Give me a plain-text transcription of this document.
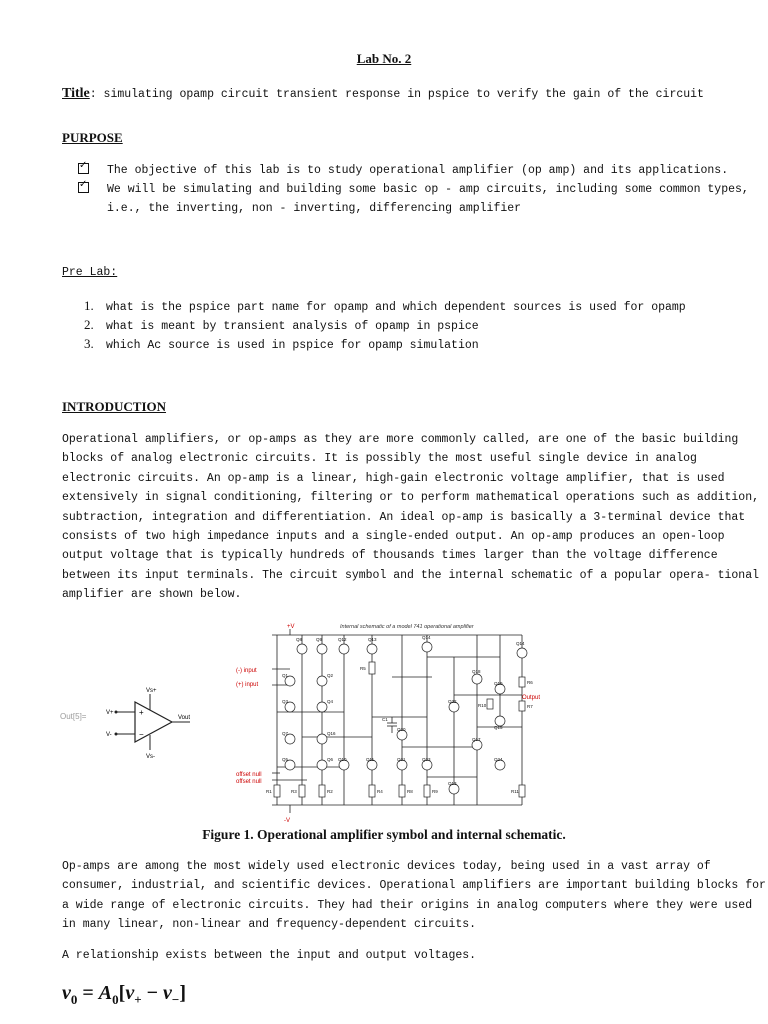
Lab No. 2
Title: simulating opamp circuit transient response in pspice to verify the gain of the circuit
PURPOSE
✓The objective of this lab is to study operational amplifier (op amp) and its applications.
✓We will be simulating and building some basic op - amp circuits, including some common types,
i.e., the inverting, non - inverting, differencing amplifier
Pre Lab:
1. what is the pspice part name for opamp and which dependent sources is used for opamp
2. what is meant by transient analysis of opamp in pspice
3. which Ac source is used in pspice for opamp simulation
INTRODUCTION
Operational amplifiers, or op-amps as they are more commonly called, are one of the basic building
blocks of analog electronic circuits. It is possibly the most useful single device in analog
electronic circuits. An op-amp is a linear, high-gain electronic voltage amplifier, that is used
extensively in signal conditioning, filtering or to perform mathematical operations such as addition,
subtraction, integration and differentiation. An ideal op-amp is basically a 3-terminal device that
consists of two high impedance inputs and a single-ended output. An op-amp produces an open-loop
output voltage that is typically hundreds of thousands times larger than the voltage difference
between its input terminals. The circuit symbol and the internal schematic of a popular opera- tional
amplifier are shown below.
Out[5]=	+
−
V+
V-
Vs+
Vs-
Vout
+V
-V
(-) input
(+) input
Output
offset null
offset null
Internal schematic of a model 741 operational amplifier
Q8	Q9	Q12	Q13	Q14
Q14
Q1	Q2
Q3	Q4
Q18
Q19
Q22
Q15
Q7	Q16
Q20
Q17
Q5	Q6 Q10	Q11	Q21	Q23	Q24
Q13
R1	R3	R2	R4	R8	R9	R11
R5
R6
R7
R10
C1
Figure 1. Operational amplifier symbol and internal schematic.
Op-amps are among the most widely used electronic devices today, being used in a vast array of
consumer, industrial, and scientific devices. Operational amplifiers are important building blocks for
a wide range of electronic circuits. They had their origins in analog computers where they were used
in many linear, non-linear and frequency-dependent circuits.
A relationship exists between the input and output voltages.
$v_0 = A_0[v_+ - v_-]$
